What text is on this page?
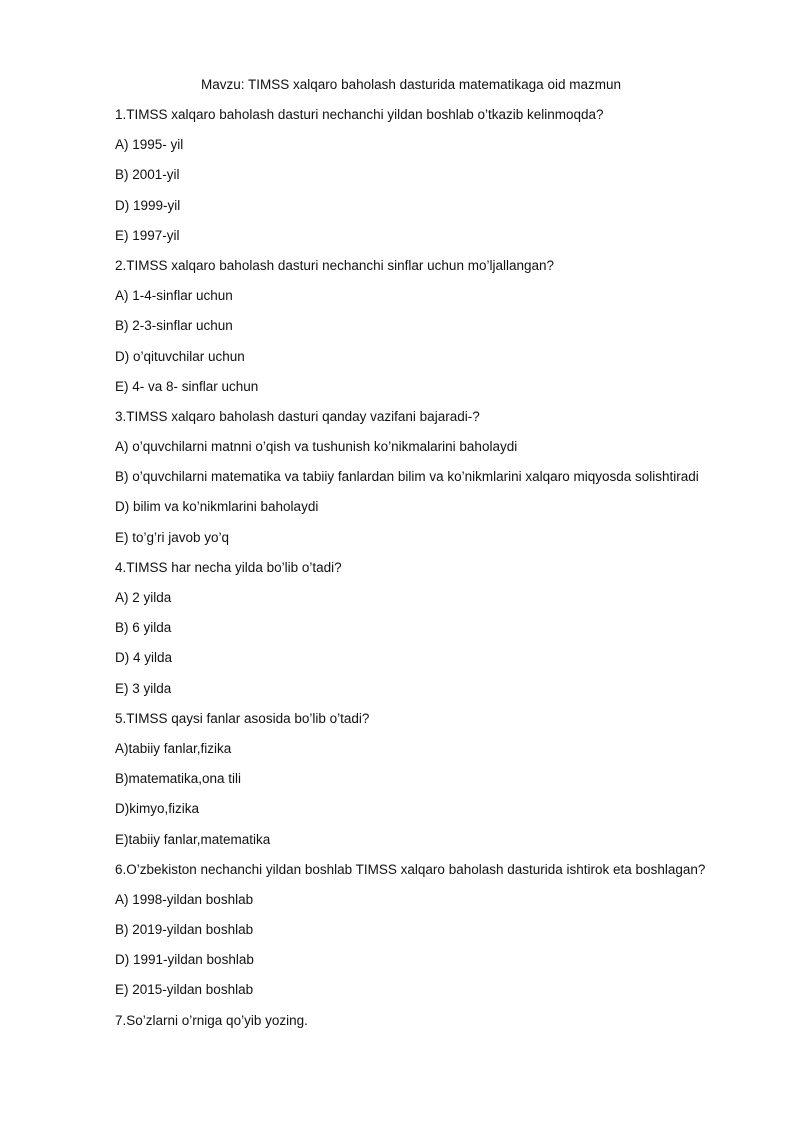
Mavzu: TIMSS xalqaro baholash dasturida matematikaga oid mazmun
1.TIMSS xalqaro baholash dasturi nechanchi yildan boshlab o’tkazib kelinmoqda?
A) 1995- yil
B) 2001-yil
D) 1999-yil
E) 1997-yil
2.TIMSS xalqaro baholash dasturi nechanchi sinflar uchun mo’ljallangan?
A) 1-4-sinflar uchun
B) 2-3-sinflar uchun
D) o’qituvchilar uchun
E) 4- va 8- sinflar uchun
3.TIMSS xalqaro baholash dasturi qanday vazifani bajaradi-?
A) o’quvchilarni matnni o’qish va tushunish ko’nikmalarini baholaydi
B) o’quvchilarni matematika va tabiiy fanlardan bilim va ko’nikmlarini xalqaro miqyosda solishtiradi
D) bilim va ko’nikmlarini baholaydi
E) to’g’ri javob yo’q
4.TIMSS har necha yilda bo’lib o’tadi?
A) 2 yilda
B) 6 yilda
D) 4 yilda
E) 3 yilda
5.TIMSS qaysi fanlar asosida bo’lib o’tadi?
A)tabiiy fanlar,fizika
B)matematika,ona tili
D)kimyo,fizika
E)tabiiy fanlar,matematika
6.O’zbekiston nechanchi yildan boshlab TIMSS xalqaro baholash dasturida ishtirok eta boshlagan?
A) 1998-yildan boshlab
B) 2019-yildan boshlab
D) 1991-yildan boshlab
E) 2015-yildan boshlab
7.So’zlarni o’rniga qo’yib yozing.
